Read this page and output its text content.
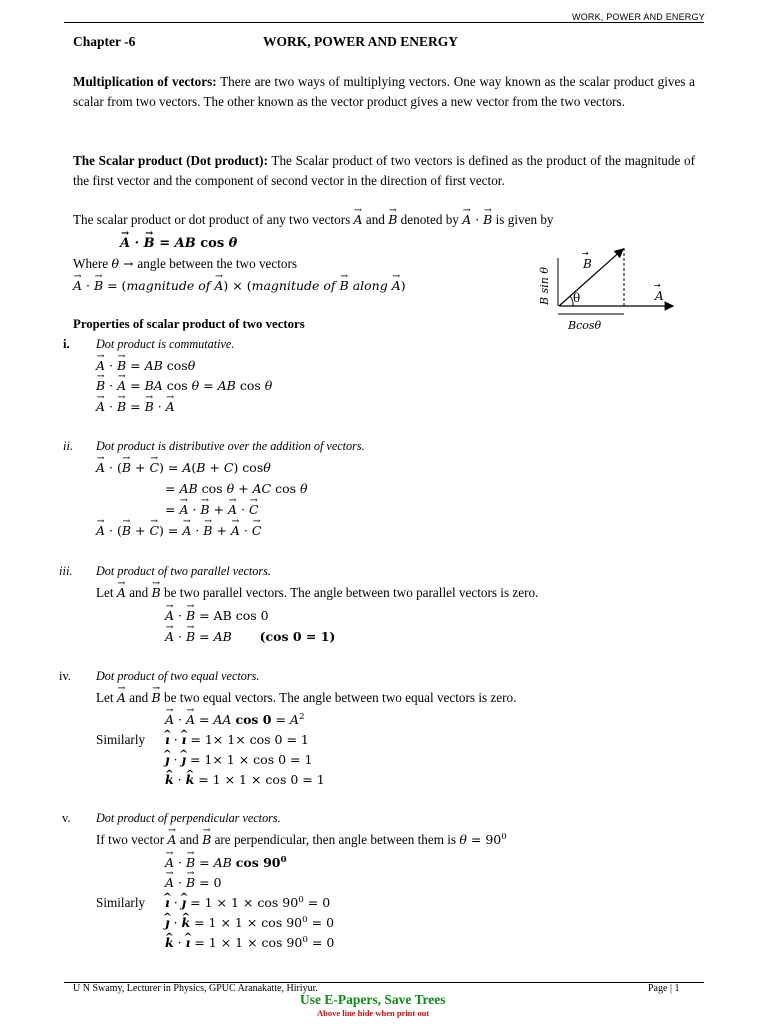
WORK, POWER AND ENERGY
Chapter -6	WORK, POWER AND ENERGY
Multiplication of vectors: There are two ways of multiplying vectors. One way known as the scalar product gives a scalar from two vectors. The other known as the vector product gives a new vector from the two vectors.
The Scalar product (Dot product): The Scalar product of two vectors is defined as the product of the magnitude of the first vector and the component of second vector in the direction of first vector.
The scalar product or dot product of any two vectors → A and → B denoted by → A · → B is given by
→ A · → B = AB cos θ
Where θ → angle between the two vectors
→ A · → B = (magnitude of → A) × (magnitude of → B along → A)	B sin θ
B
→
θ	A
→
Bcosθ
Properties of scalar product of two vectors
i. Dot product is commutative.
→ A · → B = AB cosθ
→ B · → A = BA cos θ = AB cos θ
→ A · → B = → B · → A
ii. Dot product is distributive over the addition of vectors.
→ A · (→ B + → C) = A(B + C) cosθ
= AB cos θ + AC cos θ
= → A · → B + → A · → C
→ A · (→ B + → C) = → A · → B + → A · → C
iii. Dot product of two parallel vectors.
Let → A and → B be two parallel vectors. The angle between two parallel vectors is zero.
→ A · → B = AB cos 0
→ A · → B = AB (cos 0 = 1)
iv. Dot product of two equal vectors.
Let → A and → B be two equal vectors. The angle between two equal vectors is zero.
→ A · → A = AA $\cos 0 = A^2$
Similarly ^ ı · ^ ı = 1× 1× cos 0 = 1
^ ȷ · ^ ȷ = 1× 1 × cos 0 = 1
^ k · ^ k = 1 × 1 × cos 0 = 1
v. Dot product of perpendicular vectors.
If two vector → A and → B are perpendicular, then angle between them is $\theta = 90^0$
→ A · → B = AB $\cos 90^0$
→ A · → B = 0
Similarly ^ ı · ^ ȷ = $1 \times 1 \times \cos 90^0 = 0$
^ ȷ · ^ $k = 1 \times 1 \times \cos 90^0 = 0$
^ k · ^ ı = $1 \times 1 \times \cos 90^0 = 0$
U N Swamy, Lecturer in Physics, GPUC Aranakatte, Hiriyur.	Page | 1
Use E-Papers, Save Trees
Above line hide when print out
